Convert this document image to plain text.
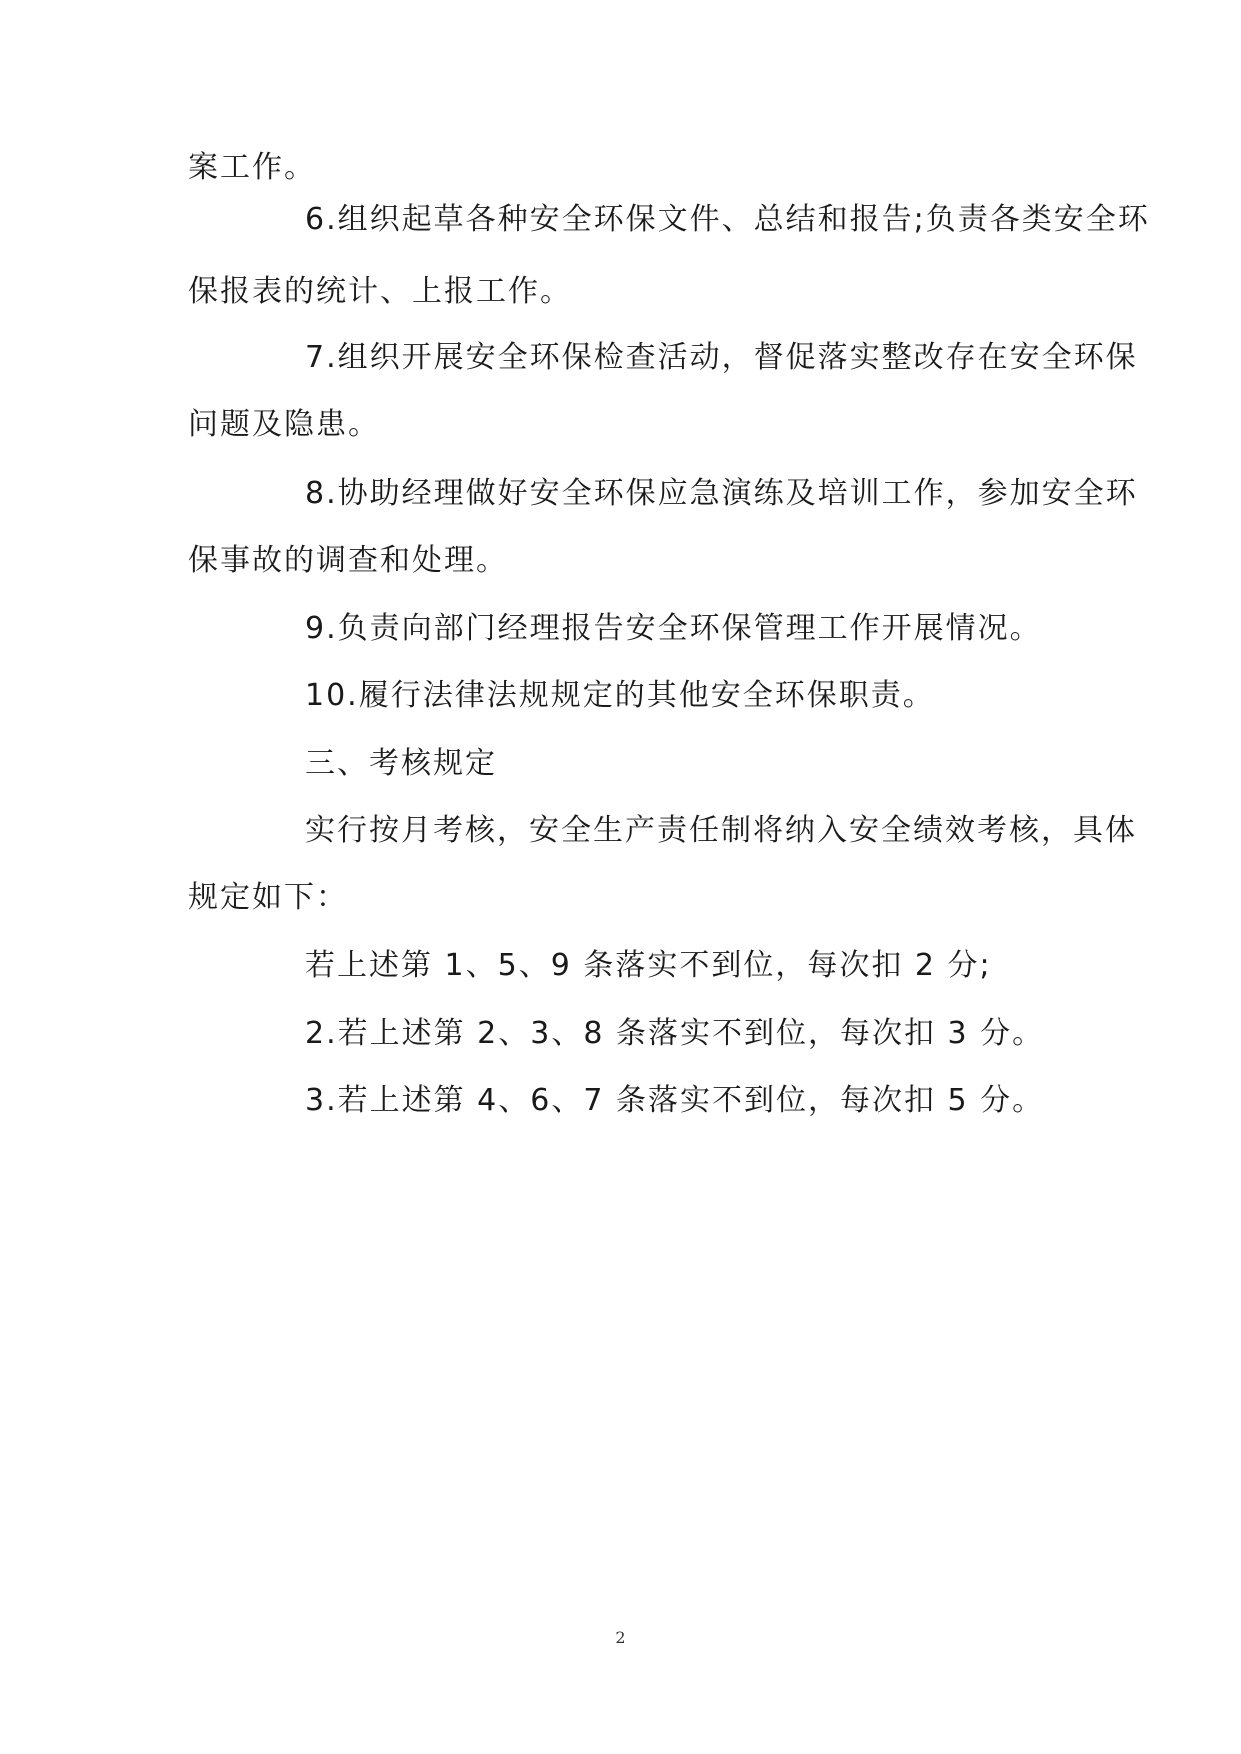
案工作。
6.组织起草各种安全环保文件、总结和报告;负责各类安全环
保报表的统计、上报工作。
7.组织开展安全环保检查活动，督促落实整改存在安全环保
问题及隐患。
8.协助经理做好安全环保应急演练及培训工作，参加安全环
保事故的调查和处理。
9.负责向部门经理报告安全环保管理工作开展情况。
10.履行法律法规规定的其他安全环保职责。
三、考核规定
实行按月考核，安全生产责任制将纳入安全绩效考核，具体
规定如下：
若上述第 1、5、9 条落实不到位，每次扣 2 分;
2.若上述第 2、3、8 条落实不到位，每次扣 3 分。
3.若上述第 4、6、7 条落实不到位，每次扣 5 分。
2
